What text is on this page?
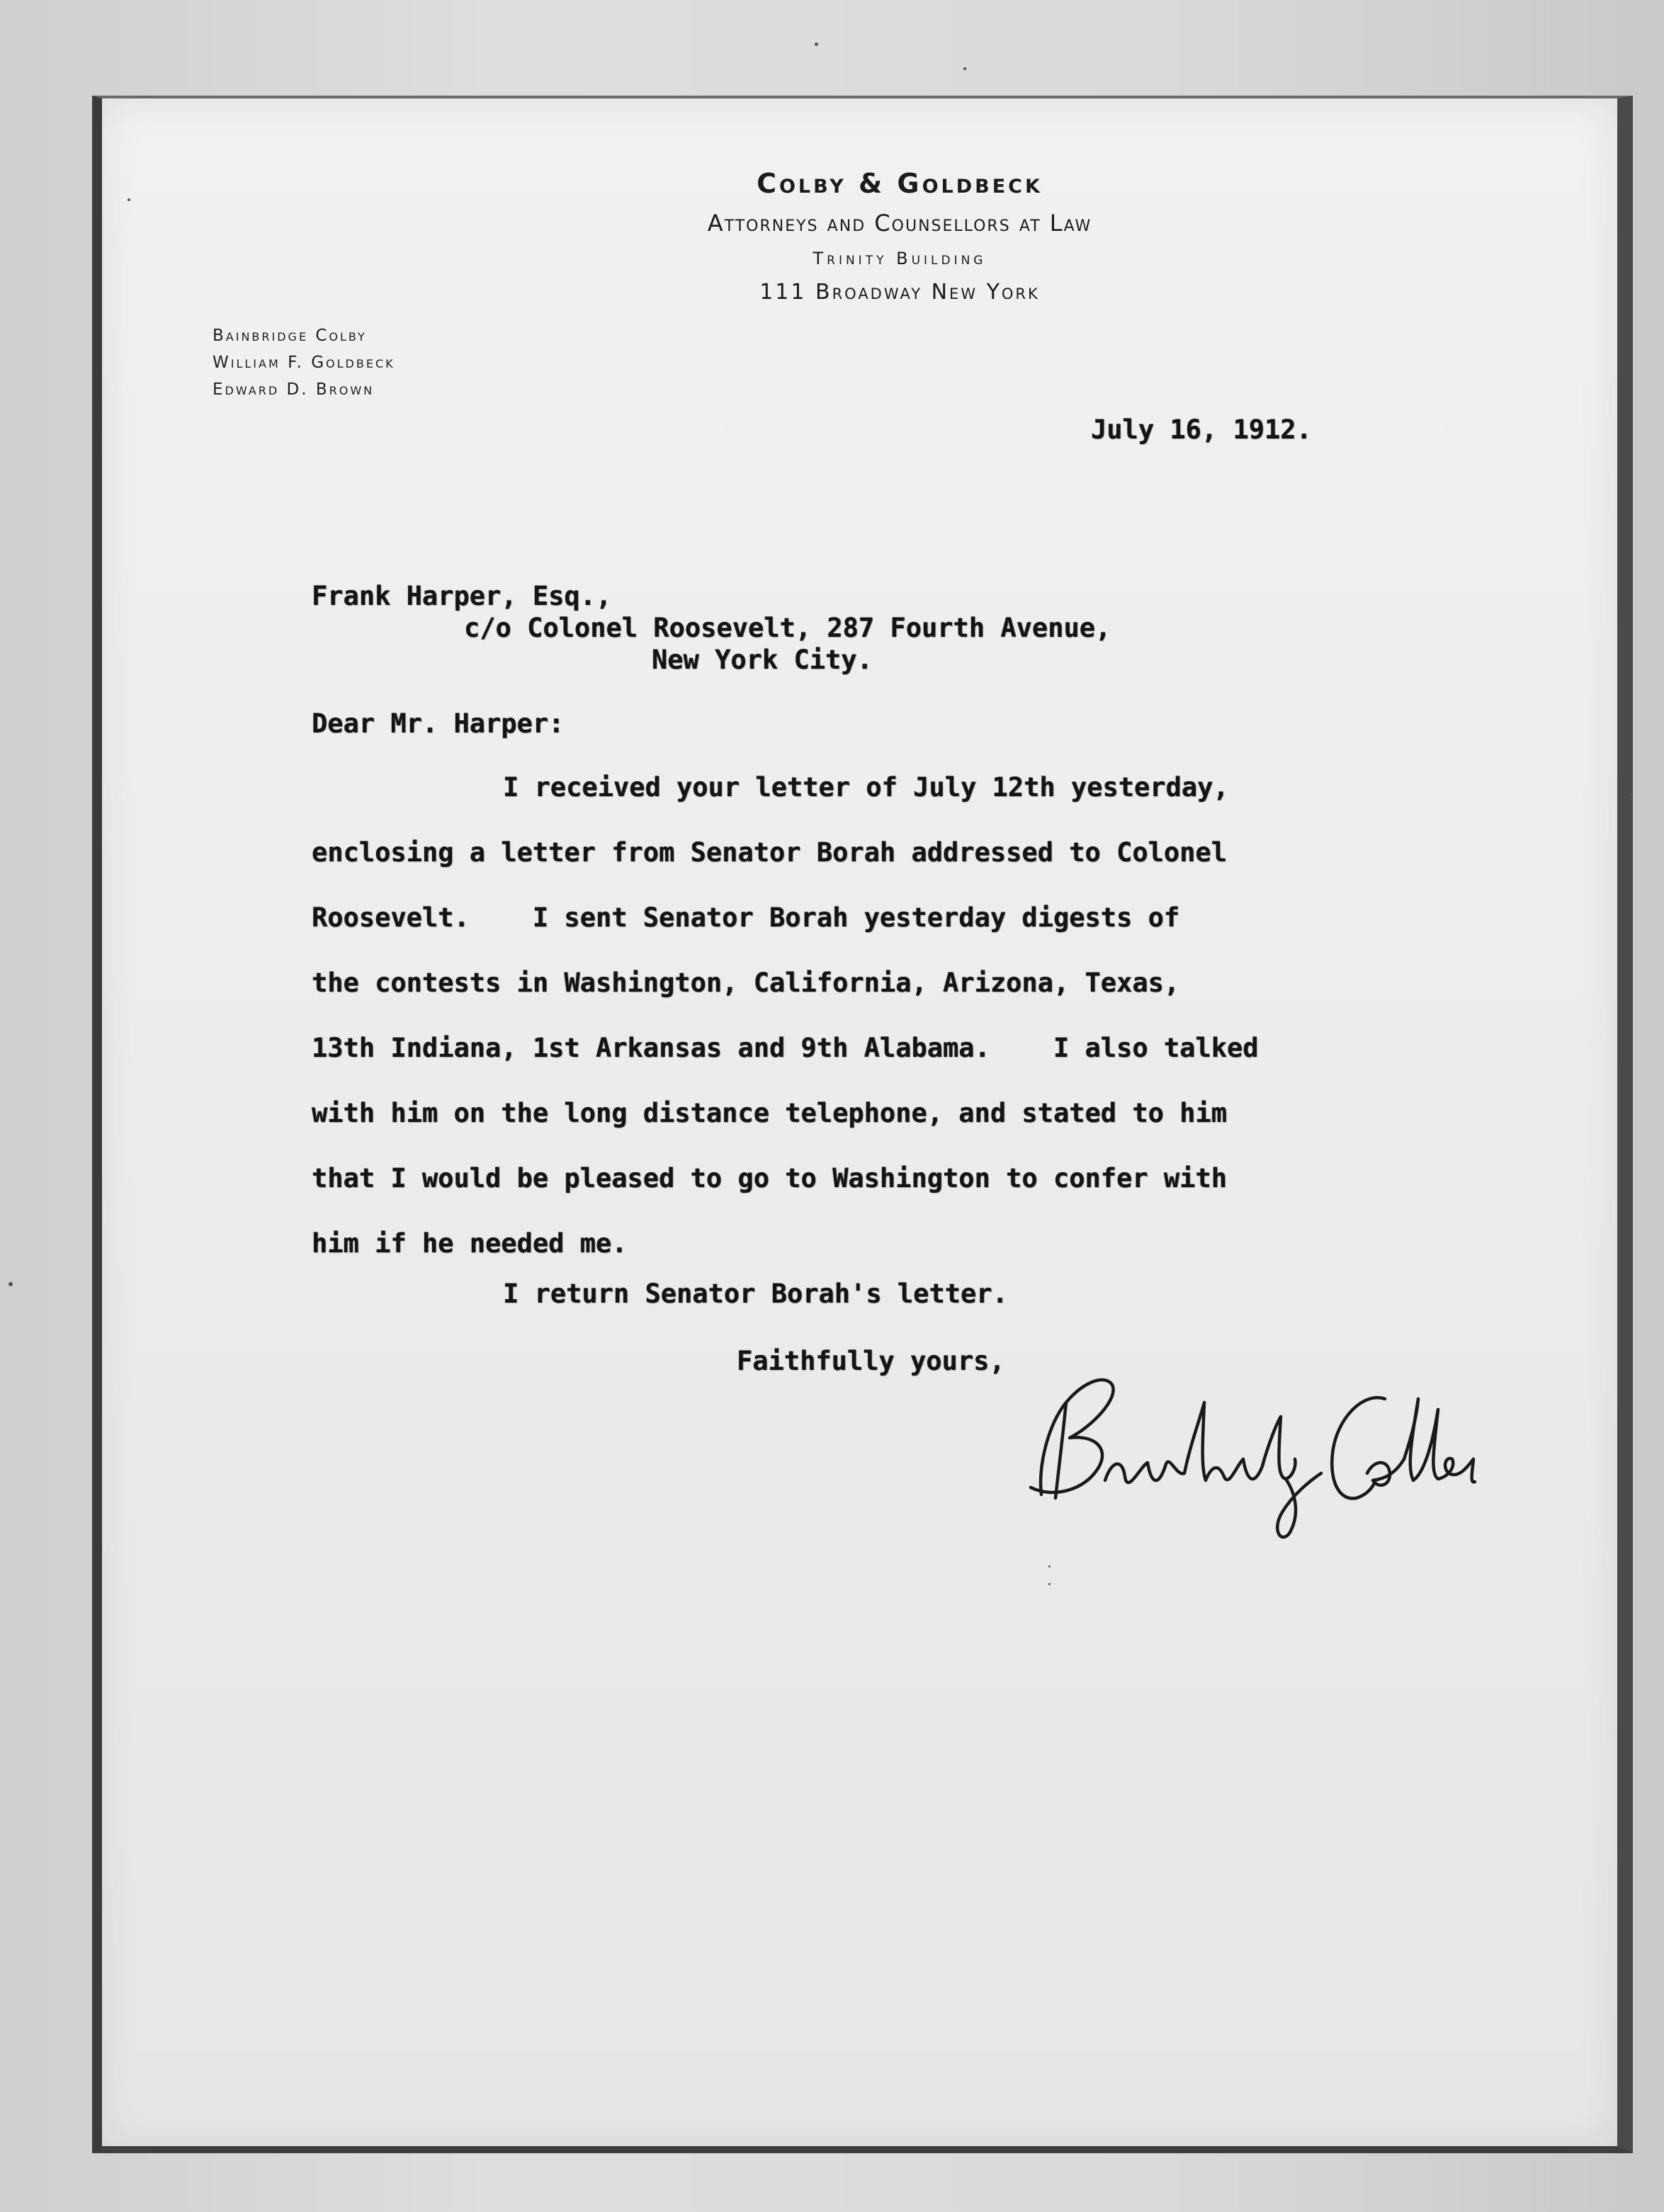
Colby & Goldbeck
Attorneys and Counsellors at Law
Trinity Building
111 Broadway New York
Bainbridge Colby
William F. Goldbeck
Edward D. Brown
July 16, 1912.
Frank Harper, Esq.,
c/o Colonel Roosevelt, 287 Fourth Avenue,
New York City.
Dear Mr. Harper:
I received your letter of July 12th yesterday,
enclosing a letter from Senator Borah addressed to Colonel
Roosevelt.    I sent Senator Borah yesterday digests of
the contests in Washington, California, Arizona, Texas,
13th Indiana, 1st Arkansas and 9th Alabama.    I also talked
with him on the long distance telephone, and stated to him
that I would be pleased to go to Washington to confer with
him if he needed me.
I return Senator Borah's letter.
Faithfully yours,
